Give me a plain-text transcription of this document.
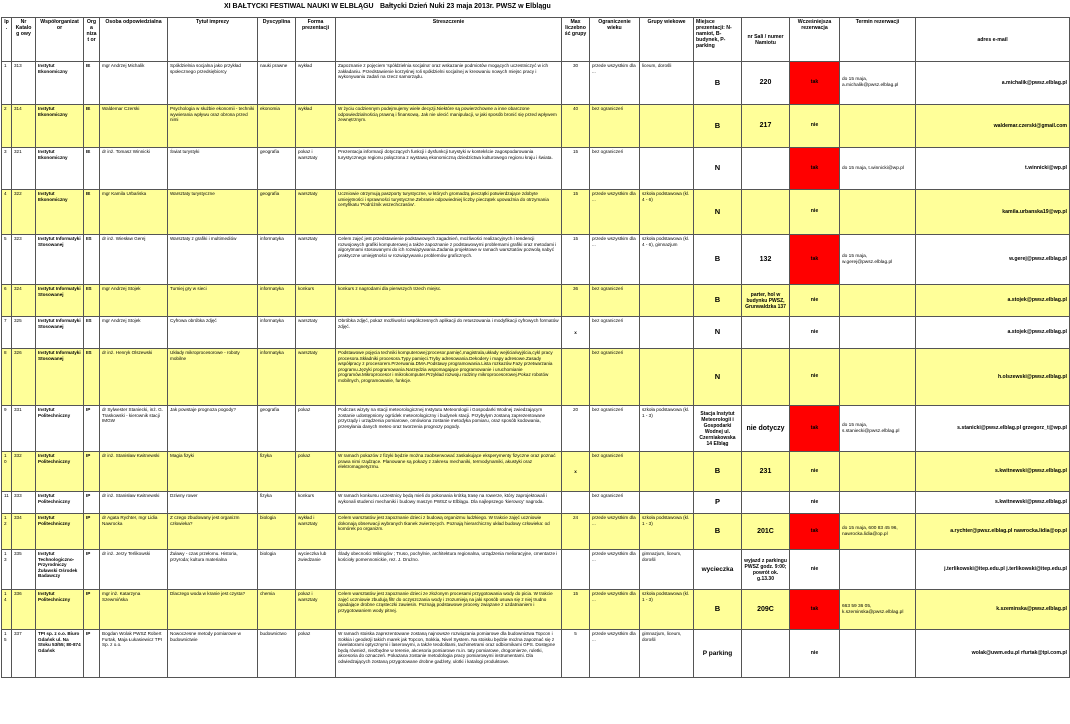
XI BAŁTYCKI FESTIWAL NAUKI W ELBLĄGU Bałtycki Dzień Nuki 23 maja 2013r. PWSZ w Elblągu
lp.	Nr Katalog owy	Współorganizat or	Orga nizat or	Osoba odpowiedzialna	Tytuł imprezy	Dyscyplina	Forma prezentacji	Streszczenie	Max liczebność grupy	Ograniczenie wieku	Grupy wiekowe	Miejsce prezentacji: N-namiot, B-budynek, P-parking	nr Sali / numer Namiotu	Wcześniejsza rezerwacja	Termin rezerwacji	adres e-mail
1	313	Instytut Ekonomiczny	IE	mgr Andrzej Michalik	Spółdzielnia socjalna jako przykład społecznego przedsiębiorcy	nauki prawne	wykład	Zapoznanie z pojęciem 'spółdzielnia socjalna' oraz wskazanie podmiotów mogących uczestniczyć w ich zakładaniu. Przedstawienie korzyśnej roli spółdzielni socjalnej w kreowaniu nowych miejsc pracy i wykonywaniu zadań na rzecz samorządu.	30	przede wszystkim dla ...	liceum, dorośli	B	220	tak	do 15 maja, a.michalik@pwsz.elblag.pl	a.michalik@pwsz.elblag.pl
2	314	Instytut Ekonomiczny	IE	Waldemar Czerski	Psychologia w służbie ekonomii - techniki wywierania wpływu oraz obrona przed nimi	ekonomia	wykład	W życiu codziennym podejmujemy wiele decyzji.Niektóre są powierzchowne a inne obarczone odpowiedzialnością prawną i finansową. Jak nie ulecić manipulacji, w jaki sposób bronić się przed wpływem zewnętrznym.	40	bez ograniczeń		B	217	nie		waldemar.czerski@gmail.com
3	321	Instytut Ekonomiczny	IE	dr inż. Tomasz Winnicki	Świat turystyki	geografia	pokaz i warsztaty	Prezentacja informacji dotyczących funkcji i dysfunkcji turystyki w kontekście zagospodarowania turystycznego regionu połączona z wystawą ekonomiczną dziedzictwa kulturowego regionu kraju i świata.	15	bez ograniczeń		N		tak	do 15 maja, t.winnicki@wp.pl	t.winnicki@wp.pl
4	322	Instytut Ekonomiczny	IE	mgr Kamila Urbańska	Warsztaty turystyczne	geografia	warsztaty	Uczniowie otrzymują paszporty turystyczne, w których gromadzą pieczątki potwierdzające zdobyte umiejętności i sprawności turystyczne.Zebranie odpowiedniej liczby pieczątek upoważnia do otrzymania certyfikatu 'Podróżnik wszechczasów'.	15	przede wszystkim dla ...	szkoła podstawowa (kl. 4 - 6)	N		nie		kamila.urbanska19@wp.pl
5	323	Instytut Informatyki Stosowanej	IIS	dr inż. Wiesław Gerej	Warsztaty z grafiki i multimediów	informatyka	warsztaty	Celem zajęć jest przedstawienie podstawowych zagadnień, możliwości realizacyjnych i tendencji rozwojowych grafiki komputerowej a także zapoznanie z podstawowymi problemami grafiki oraz metodami i algorytmami stosowanymi do ich rozwiązywania.Zadania projektowe w ramach warsztatów pozwolą nabyć praktyczne umiejętności w rozwiązywaniu problemów graficznych.	15	przede wszystkim dla ...	szkoła podstawowa (kl. 4 - 6), gimnazjum	B	132	tak	do 15 maja, w.gerej@pwsz.elblag.pl	w.gerej@pwsz.elblag.pl
6	324	Instytut Informatyki Stosowanej	IIS	mgr Andrzej Stojek	Turniej gry w sieci	informatyka	konkurs	konkurs z nagrodami dla pierwszych trzech miejsc.	36	bez ograniczeń		B	parter, hol w budynku PWSZ, Grunwaldzka 137	nie		a.stojek@pwsz.elblag.pl
7	325	Instytut Informatyki Stosowanej	IIS	mgr Andrzej Stojek	Cyfrowa obróbka zdjęć	informatyka	warsztaty	Obróbka zdjęć, pokaz możliwości współczesnych aplikacji do retuszowania i modyfikacji cyfrowych formatów zdjęć.	x	bez ograniczeń		N		nie		a.stojek@pwsz.elblag.pl
8	326	Instytut Informatyki Stosowanej	IIS	dr inż. Henryk Olszewski	Układy mikroprocesorowe - roboty mobilne	informatyka	warsztaty	Podstawowe pojęcia techniki komputerowej:procesor,pamięć,magistrala,układy wejścia/wyjścia,cykl pracy procesora.Składniki procesora.Typy pamięci.Tryby adresowania.Dekodery i mapy adresowe.Zasady współpracy z procesorem.Przerwania.DMA.Podstawy programowania.Lista rozkazów.Fazy przetwarzania programu.Języki programowania.Narzędzia wspomagające programowanie i uruchomianie programów.Mikroprocesor i mikrokomputer.Przykład rozwoju rodziny mikroprocesorowej.Pokaz robotów mobilnych, programowanie, funkcje.		bez ograniczeń		N		nie		h.olszewski@pwsz.elblag.pl
9	331	Instytut Politechniczny	IP	dr Sylwester Staniecki, inż. G. Traskowski - kierownik stacji IMGW	Jak powstaje prognoza pogody?	geografia	pokaz	Podczas wizyty na stacji meteorologicznej Instytutu Meteorologii i Gospodarki Wodnej zwiedzającym zostanie udostępniony ogródek meteorologiczny i budynek stacji. Przybyłym zostaną zaprezentowane przyrządy i urządzenia pomiarowe, omówiona zostanie metodyka pomiaru, oraz sposób kodowania, przesyłania danych meteo oraz tworzenia prognozy pogody.	20	bez ograniczeń	szkoła podstawowa (kl. 1 - 3)	Stacja Instytut Meteorologii i Gospodarki Wodnej ul. Czerniakowska 14 Elbląg	nie dotyczy	tak	do 15 maja, s.staniecki@pwsz.elblag.pl	s.stanicki@pwsz.elblag.pl grzegorz_t@wp.pl
10	332	Instytut Politechniczny	IP	dr inż. Stanisław Kwitnewski	Magia fizyki	fizyka	pokaz	W ramach pokazów z fizyki będzie można zaobserwować zaskakujące eksperymenty fizyczne oraz poznać prawa nimi rządzące. Planowane są pokazy z zakresu mechaniki, termodynamiki, akustyki oraz elektromagnetyzmu.	x	bez ograniczeń		B	231	nie		s.kwitnewski@pwsz.elblag.pl
11	333	Instytut Politechniczny	IP	dr inż. Stanisław Kwitnewski	Dziwny rower	fizyka	konkurs	W ramach konkursu uczestnicy będą mieli do pokonania krótką trasę na rowerze, który zaprojektowali i wykonali studenci mechaniki i budowy maszyn PWSZ w Elblągu. Dla najlepszego 'kierowcy' nagroda.		bez ograniczeń		P		nie		s.kwitnewski@pwsz.elblag.pl
12	334	Instytut Politechniczny	IP	dr Agata Rychter, mgr Lidia Nawrocka	Z czego zbudowany jest organizm człowieka?	biologia	wykład i warsztaty	Celem warsztatów jest zapoznanie dzieci z budową organizmu ludzkiego. W trakcie zajęć uczniowie dokonają obserwacji wybranych tkanek zwierzęcych. Poznają hierarchiczny układ budowy człowieka: od komórek po organizm.	24	przede wszystkim dla ...	szkoła podstawowa (kl. 1 - 3)	B	201C	tak	do 15 maja, 600 83 45 96, nawrocka.lidia@op.pl	a.rychter@pwsz.elblag.pl nawrocka.lidia@op.pl
13	335	Instytut Technologiczno-Przyrodniczy Żuławski Ośrodek Badawczy	IP	dr inż. Jerzy Terlikowski	Żuławy - czas przełomu. Historia, przyroda; kultura materialna	biologia	wycieczka lub zwiedzanie	Ślady obecności Wikingów ; Truso, pochylnie, architektura regionalna, urządzenia melioracyjne, cmentarze i kościoły pomennonickie, rez. J. Drużno.		przede wszystkim dla ...	gimnazjum, liceum, dorośli	wycieczka	wyjazd z parkingu PWSZ godz. 9:00; powrót ok. g.13.30	nie		j.terlikowski@itep.edu.pl j.terlikowski@itep.edu.pl
14	336	Instytut Politechniczny	IP	mgr inż. Katarzyna Szewmińska	Dlaczego woda w kranie jest czysta?	chemia	pokaz i warsztaty	Celem warsztatów jest zapoznanie dzieci ze złożonym procesami przygotowania wody do picia. W trakcie zajęć uczniowie zbudują filtr do oczyszczania wody i zrozumieją na jaki sposób usuwa się z niej trudno opadające drobne cząsteczki zawiesin. Poznają podstawowe procesy związane z uzdatnianiem i przygotowaniem wody pitnej.	15	przede wszystkim dla ...	szkoła podstawowa (kl. 1 - 3)	B	209C	tak	663 59 36 05, k.szeminska@pwsz.elblag.pl	k.szeminska@pwsz.elblag.pl
15	337	TPI sp. z o.o. Biuro Gdańsk ul. Na Stoku 53/55; 80-874 Gdańsk	IP	Bogdan Wolak PWSZ Robert Furtak, Maja Łukasiewicz TPI Sp. z o.o.	Nowoczesne metody pomiarowe w budownictwie	budownictwo	pokaz	W ramach stoiska zaprezentowane zostaną najnowsze rozwiązania pomiarowe dla budownictwa Topcon i Sokkia i geodezji takich marek jak Topcon, Sokkia, Nivel System. Na stoisku będzie można zapoznać się z niwelatorami optycznymi i laserowymi, a także teodolitami, tachimetrami oraz odbiornikami GPS. Dostępne będą również, niezbędne w terenie, akcesoria pomiarowe m.in. taty pomiarowe, drogomierze, ruletki, akcesoria do oznaczeń. Pokazana zostanie metodologia pracy pomiarowymi instrumentami. Dla odwiedzających zostaną przygotowane drobne gadżety, ulotki i katalogi produktowe.	5	przede wszystkim dla ...	gimnazjum, liceum, dorośli	P parking		nie		wolak@uwm.edu.pl rfurtak@tpi.com.pl
